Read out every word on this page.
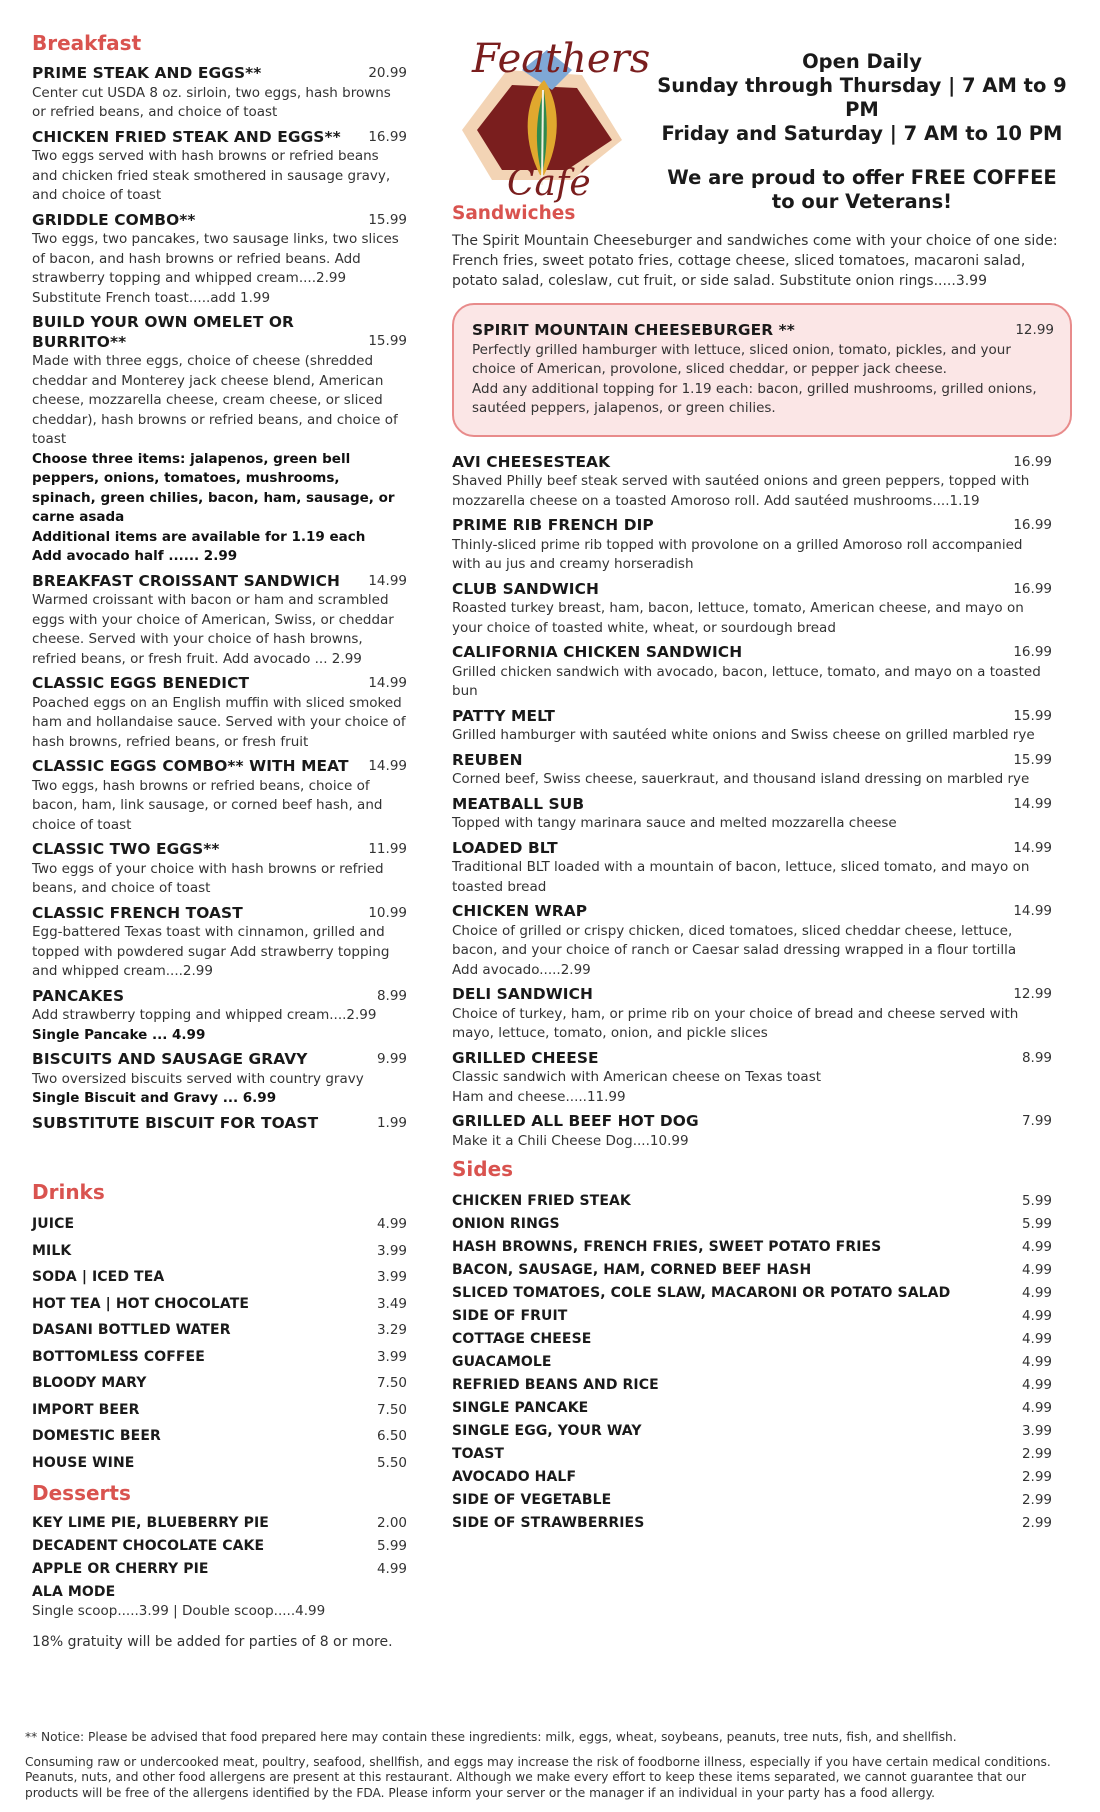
Breakfast
PRIME STEAK AND EGGS**	20.99
Center cut USDA 8 oz. sirloin, two eggs, hash browns or refried beans, and choice of toast
CHICKEN FRIED STEAK AND EGGS**	16.99
Two eggs served with hash browns or refried beans and chicken fried steak smothered in sausage gravy, and choice of toast
GRIDDLE COMBO**	15.99
Two eggs, two pancakes, two sausage links, two slices of bacon, and hash browns or refried beans. Add strawberry topping and whipped cream....2.99
Substitute French toast.....add 1.99
BUILD YOUR OWN OMELET OR BURRITO**	15.99
Made with three eggs, choice of cheese (shredded cheddar and Monterey jack cheese blend, American cheese, mozzarella cheese, cream cheese, or sliced cheddar), hash browns or refried beans, and choice of toast
Choose three items: jalapenos, green bell peppers, onions, tomatoes, mushrooms, spinach, green chilies, bacon, ham, sausage, or carne asada
Additional items are available for 1.19 each
Add avocado half ...... 2.99
BREAKFAST CROISSANT SANDWICH	14.99
Warmed croissant with bacon or ham and scrambled eggs with your choice of American, Swiss, or cheddar cheese. Served with your choice of hash browns, refried beans, or fresh fruit. Add avocado ... 2.99
CLASSIC EGGS BENEDICT	14.99
Poached eggs on an English muffin with sliced smoked ham and hollandaise sauce. Served with your choice of hash browns, refried beans, or fresh fruit
CLASSIC EGGS COMBO** WITH MEAT	14.99
Two eggs, hash browns or refried beans, choice of bacon, ham, link sausage, or corned beef hash, and choice of toast
CLASSIC TWO EGGS**	11.99
Two eggs of your choice with hash browns or refried beans, and choice of toast
CLASSIC FRENCH TOAST	10.99
Egg-battered Texas toast with cinnamon, grilled and topped with powdered sugar Add strawberry topping and whipped cream....2.99
PANCAKES	8.99
Add strawberry topping and whipped cream....2.99
Single Pancake ... 4.99
BISCUITS AND SAUSAGE GRAVY	9.99
Two oversized biscuits served with country gravy
Single Biscuit and Gravy ... 6.99
SUBSTITUTE BISCUIT FOR TOAST	1.99
Drinks
JUICE	4.99
MILK	3.99
SODA | ICED TEA	3.99
HOT TEA | HOT CHOCOLATE	3.49
DASANI BOTTLED WATER	3.29
BOTTOMLESS COFFEE	3.99
BLOODY MARY	7.50
IMPORT BEER	7.50
DOMESTIC BEER	6.50
HOUSE WINE	5.50
Desserts
KEY LIME PIE, BLUEBERRY PIE	2.00
DECADENT CHOCOLATE CAKE	5.99
APPLE OR CHERRY PIE	4.99
ALA MODE
Single scoop.....3.99 | Double scoop.....4.99
18% gratuity will be added for parties of 8 or more.
Feathers
Café
Open Daily
Sunday through Thursday | 7 AM to 9 PM
Friday and Saturday | 7 AM to 10 PM
We are proud to offer FREE COFFEE
to our Veterans!
Sandwiches
The Spirit Mountain Cheeseburger and sandwiches come with your choice of one side: French fries, sweet potato fries, cottage cheese, sliced tomatoes, macaroni salad, potato salad, coleslaw, cut fruit, or side salad. Substitute onion rings.....3.99
SPIRIT MOUNTAIN CHEESEBURGER **	12.99
Perfectly grilled hamburger with lettuce, sliced onion, tomato, pickles, and your choice of American, provolone, sliced cheddar, or pepper jack cheese.
Add any additional topping for 1.19 each: bacon, grilled mushrooms, grilled onions, sautéed peppers, jalapenos, or green chilies.
AVI CHEESESTEAK	16.99
Shaved Philly beef steak served with sautéed onions and green peppers, topped with mozzarella cheese on a toasted Amoroso roll. Add sautéed mushrooms....1.19
PRIME RIB FRENCH DIP	16.99
Thinly-sliced prime rib topped with provolone on a grilled Amoroso roll accompanied with au jus and creamy horseradish
CLUB SANDWICH	16.99
Roasted turkey breast, ham, bacon, lettuce, tomato, American cheese, and mayo on your choice of toasted white, wheat, or sourdough bread
CALIFORNIA CHICKEN SANDWICH	16.99
Grilled chicken sandwich with avocado, bacon, lettuce, tomato, and mayo on a toasted bun
PATTY MELT	15.99
Grilled hamburger with sautéed white onions and Swiss cheese on grilled marbled rye
REUBEN	15.99
Corned beef, Swiss cheese, sauerkraut, and thousand island dressing on marbled rye
MEATBALL SUB	14.99
Topped with tangy marinara sauce and melted mozzarella cheese
LOADED BLT	14.99
Traditional BLT loaded with a mountain of bacon, lettuce, sliced tomato, and mayo on toasted bread
CHICKEN WRAP	14.99
Choice of grilled or crispy chicken, diced tomatoes, sliced cheddar cheese, lettuce, bacon, and your choice of ranch or Caesar salad dressing wrapped in a flour tortilla
Add avocado.....2.99
DELI SANDWICH	12.99
Choice of turkey, ham, or prime rib on your choice of bread and cheese served with mayo, lettuce, tomato, onion, and pickle slices
GRILLED CHEESE	8.99
Classic sandwich with American cheese on Texas toast
Ham and cheese.....11.99
GRILLED ALL BEEF HOT DOG	7.99
Make it a Chili Cheese Dog....10.99
Sides
CHICKEN FRIED STEAK	5.99
ONION RINGS	5.99
HASH BROWNS, FRENCH FRIES, SWEET POTATO FRIES	4.99
BACON, SAUSAGE, HAM, CORNED BEEF HASH	4.99
SLICED TOMATOES, COLE SLAW, MACARONI OR POTATO SALAD	4.99
SIDE OF FRUIT	4.99
COTTAGE CHEESE	4.99
GUACAMOLE	4.99
REFRIED BEANS AND RICE	4.99
SINGLE PANCAKE	4.99
SINGLE EGG, YOUR WAY	3.99
TOAST	2.99
AVOCADO HALF	2.99
SIDE OF VEGETABLE	2.99
SIDE OF STRAWBERRIES	2.99

** Notice: Please be advised that food prepared here may contain these ingredients: milk, eggs, wheat, soybeans, peanuts, tree nuts, fish, and shellfish.

Consuming raw or undercooked meat, poultry, seafood, shellfish, and eggs may increase the risk of foodborne illness, especially if you have certain medical conditions. Peanuts, nuts, and other food allergens are present at this restaurant. Although we make every effort to keep these items separated, we cannot guarantee that our products will be free of the allergens identified by the FDA. Please inform your server or the manager if an individual in your party has a food allergy.
